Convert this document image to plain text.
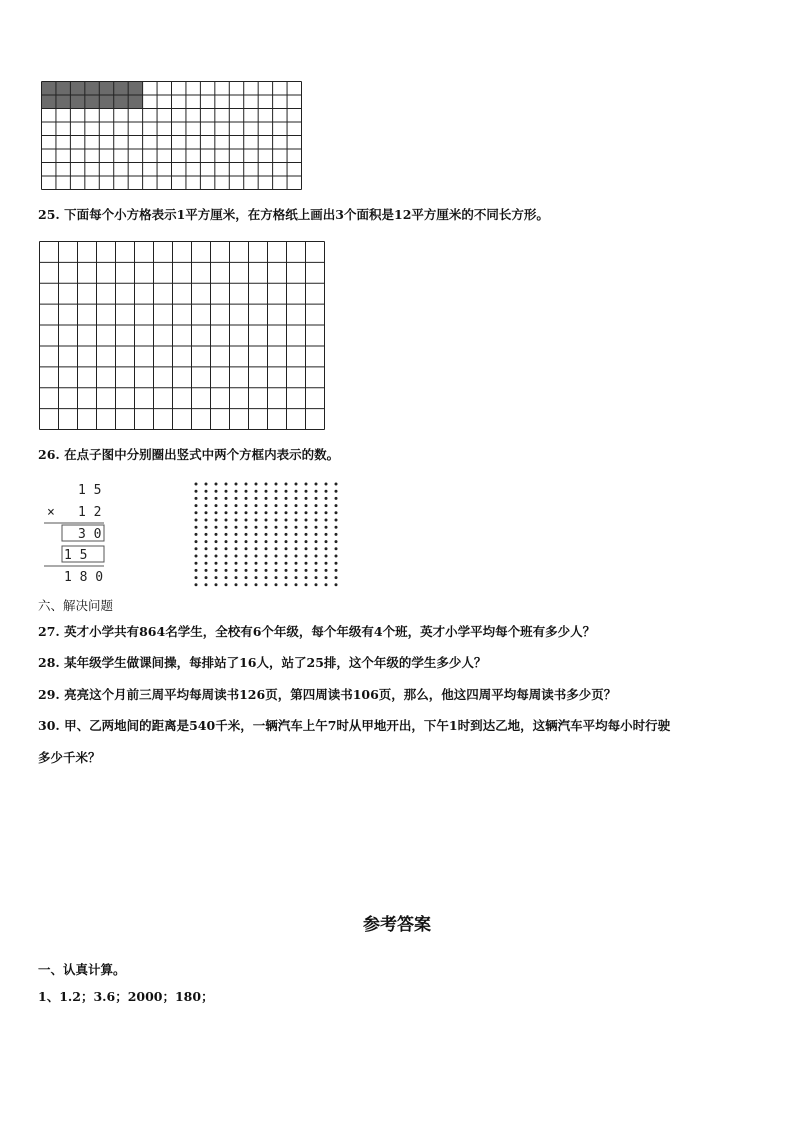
25. 下面每个小方格表示1平方厘米，在方格纸上画出3个面积是12平方厘米的不同长方形。
26. 在点子图中分别圈出竖式中两个方框内表示的数。
1 5
× 1 2
3 0
1 5
1 8 0
六、解决问题
27. 英才小学共有864名学生，全校有6个年级，每个年级有4个班，英才小学平均每个班有多少人？
28. 某年级学生做课间操，每排站了16人，站了25排，这个年级的学生多少人？
29. 亮亮这个月前三周平均每周读书126页，第四周读书106页，那么，他这四周平均每周读书多少页？
30. 甲、乙两地间的距离是540千米，一辆汽车上午7时从甲地开出，下午1时到达乙地，这辆汽车平均每小时行驶
多少千米？
参考答案
一、认真计算。
1、1.2；3.6；2000；180；
